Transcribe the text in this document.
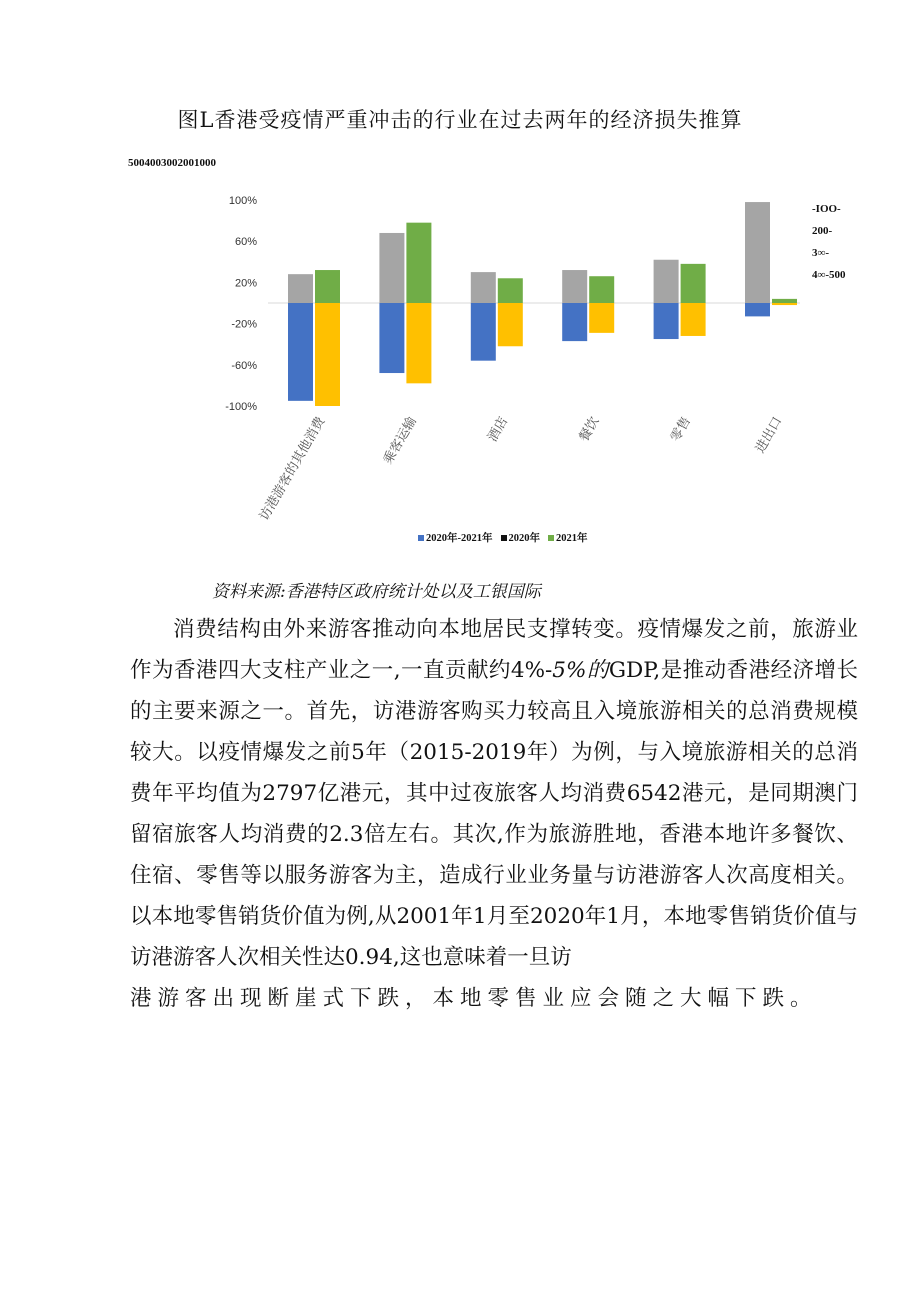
图L香港受疫情严重冲击的行业在过去两年的经济损失推算
5004003002001000
-IOO-
200-
3∞-
4∞-500
100%
60%
20%
-20%
-60%
-100%
访港游客的其他消费	乘客运输	酒店	餐饮	零售	进出口
2020年-2021年 2020年 2021年
资料来源:香港特区政府统计处以及工银国际

消费结构由外来游客推动向本地居民支撑转变。疫情爆发之前，旅游业作为香港四大支柱产业之一,一直贡献约4%-5%的GDP,是推动香港经济增长的主要来源之一。首先，访港游客购买力较高且入境旅游相关的总消费规模较大。以疫情爆发之前5年（2015-2019年）为例，与入境旅游相关的总消费年平均值为2797亿港元，其中过夜旅客人均消费6542港元，是同期澳门留宿旅客人均消费的2.3倍左右。其次,作为旅游胜地，香港本地许多餐饮、住宿、零售等以服务游客为主，造成行业业务量与访港游客人次高度相关。以本地零售销货价值为例,从2001年1月至2020年1月，本地零售销货价值与访港游客人次相关性达0.94,这也意味着一旦访
港游客出现断崖式下跌，本地零售业应会随之大幅下跌。
